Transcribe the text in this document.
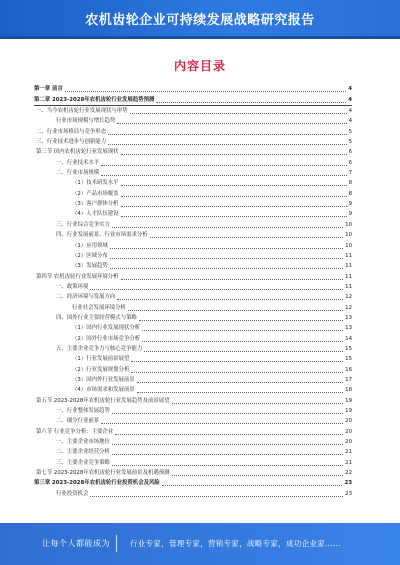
农机齿轮企业可持续发展战略研究报告
内容目录
第一章 前言	4
第二章 2023-2028年农机齿轮行业发展趋势预测	4
一、当今农机齿轮行业发展现状与形势	4
行业市场规模与增长趋势	4
二、行业市场格局与竞争形态	5
三、行业技术进步与创新能力	5
第三节 国内农机齿轮行业发展现状	6
一、行业技术水平	6
二、行业市场规模	7
（1）技术研发水平	8
（2）产品市场覆盖	8
（3）客户群体分析	9
（4）人才队伍建设	9
三、行业综合竞争实力	10
四、行业发展前景、行业市场需求分析	10
（1）应用领域	10
（2）区域分布	11
（3）发展趋势	11
第四节 农机齿轮行业发展环境分析	11
一、政策环境	11
二、经济环境与发展方向	12
行业社会发展环境分析	12
四、国外行业主要经营模式与策略	13
（1）国内行业发展现状分析	13
（2）国外行业市场竞争分析	14
五、主要企业竞争力与核心竞争能力	15
（1）行业发展前景展望	15
（2）行业发展规划分析	16
（3）国内外行业发展前景	17
（4）市场需求和发展前景	18
第五节 2023-2028年农机齿轮行业发展趋势及前景展望	19
一、行业整体发展趋势	19
二、细分行业前景	20
第六节 行业竞争分析：主要企业	20
一、主要企业市场地位	20
二、主要企业经营分析	21
三、主要企业竞争策略	21
第七节 2023-2028年农机齿轮行业发展前景及机遇预测	22
第三章 2023-2028年农机齿轮行业投资机会及风险	23
行业投资机会	23
让每个人都能成为	行业专家，管理专家，营销专家，战略专家，成功企业家……
